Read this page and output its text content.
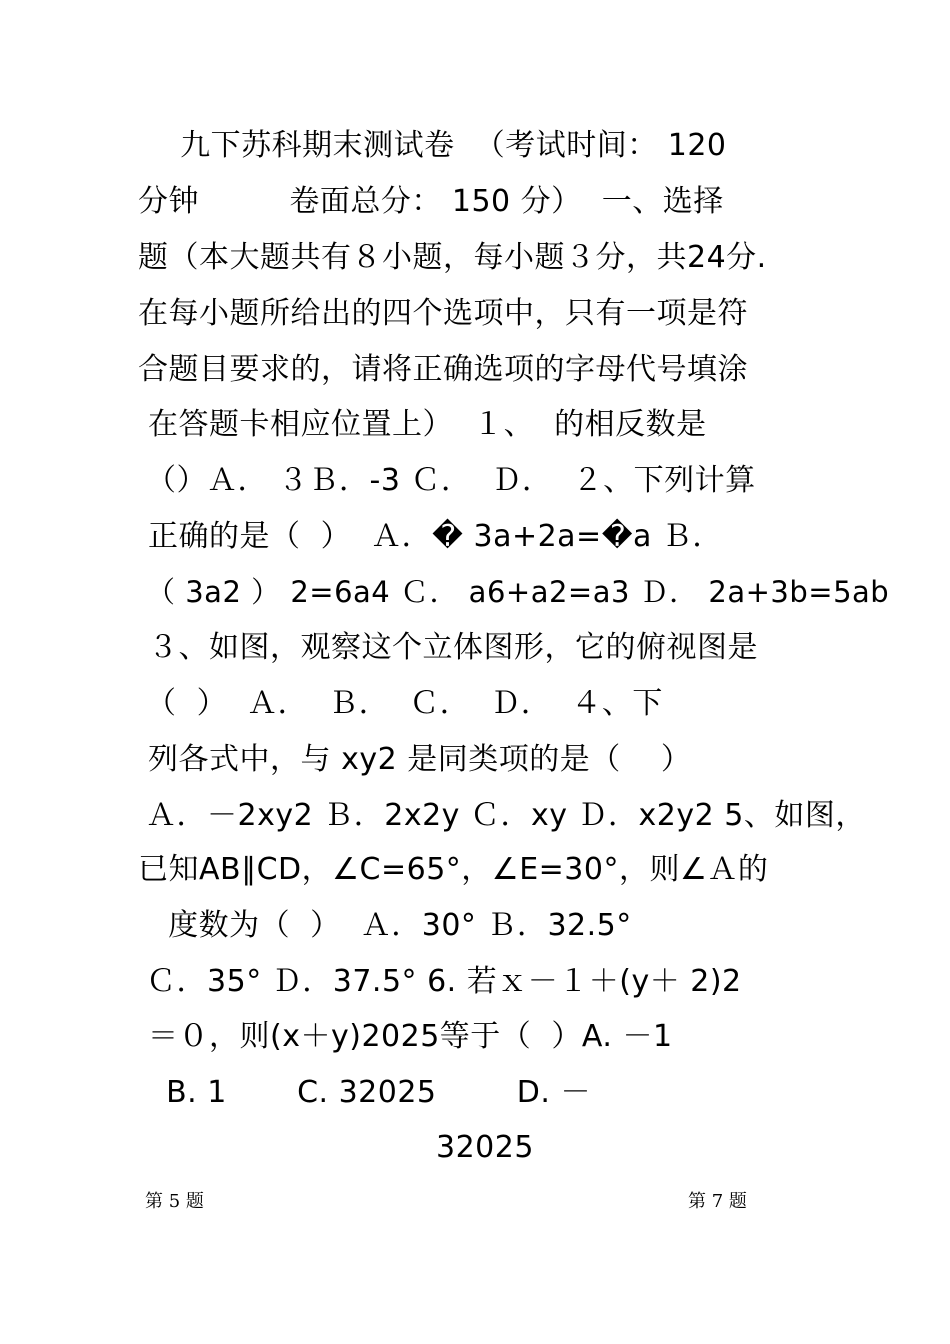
九下苏科期末测试卷  （考试时间： 120
分钟         卷面总分： 150 分）  一、选择
题（本大题共有８小题，每小题３分，共24分.
在每小题所给出的四个选项中，只有一项是符
合题目要求的，请将正确选项的字母代号填涂
在答题卡相应位置上）  １、  的相反数是
（）Ａ． ３Ｂ．-3 Ｃ．  Ｄ．  ２、下列计算
正确的是（  ）  Ａ．� 3a+2a=�a Ｂ．
（ 3a2 ） 2=6a4 Ｃ． a6+a2=a3 Ｄ． 2a+3b=5ab
３、如图，观察这个立体图形，它的俯视图是
（  ）  Ａ．  Ｂ．  Ｃ．  Ｄ．  ４、下
列各式中，与 xy2 是同类项的是（    ）
Ａ．－2xy2 Ｂ．2x2y Ｃ．xy Ｄ．x2y2 5、如图，
已知AB∥CD，∠C=65°，∠E=30°，则∠Ａ的
度数为（  ）  Ａ．30° Ｂ．32.5°
Ｃ．35° Ｄ．37.5° 6. 若ｘ－１＋(y＋ 2)2
＝０，则(x＋y)2025等于（  ）A. －1
B. 1       C. 32025        D. －
32025
第 5 题	第 7 题
